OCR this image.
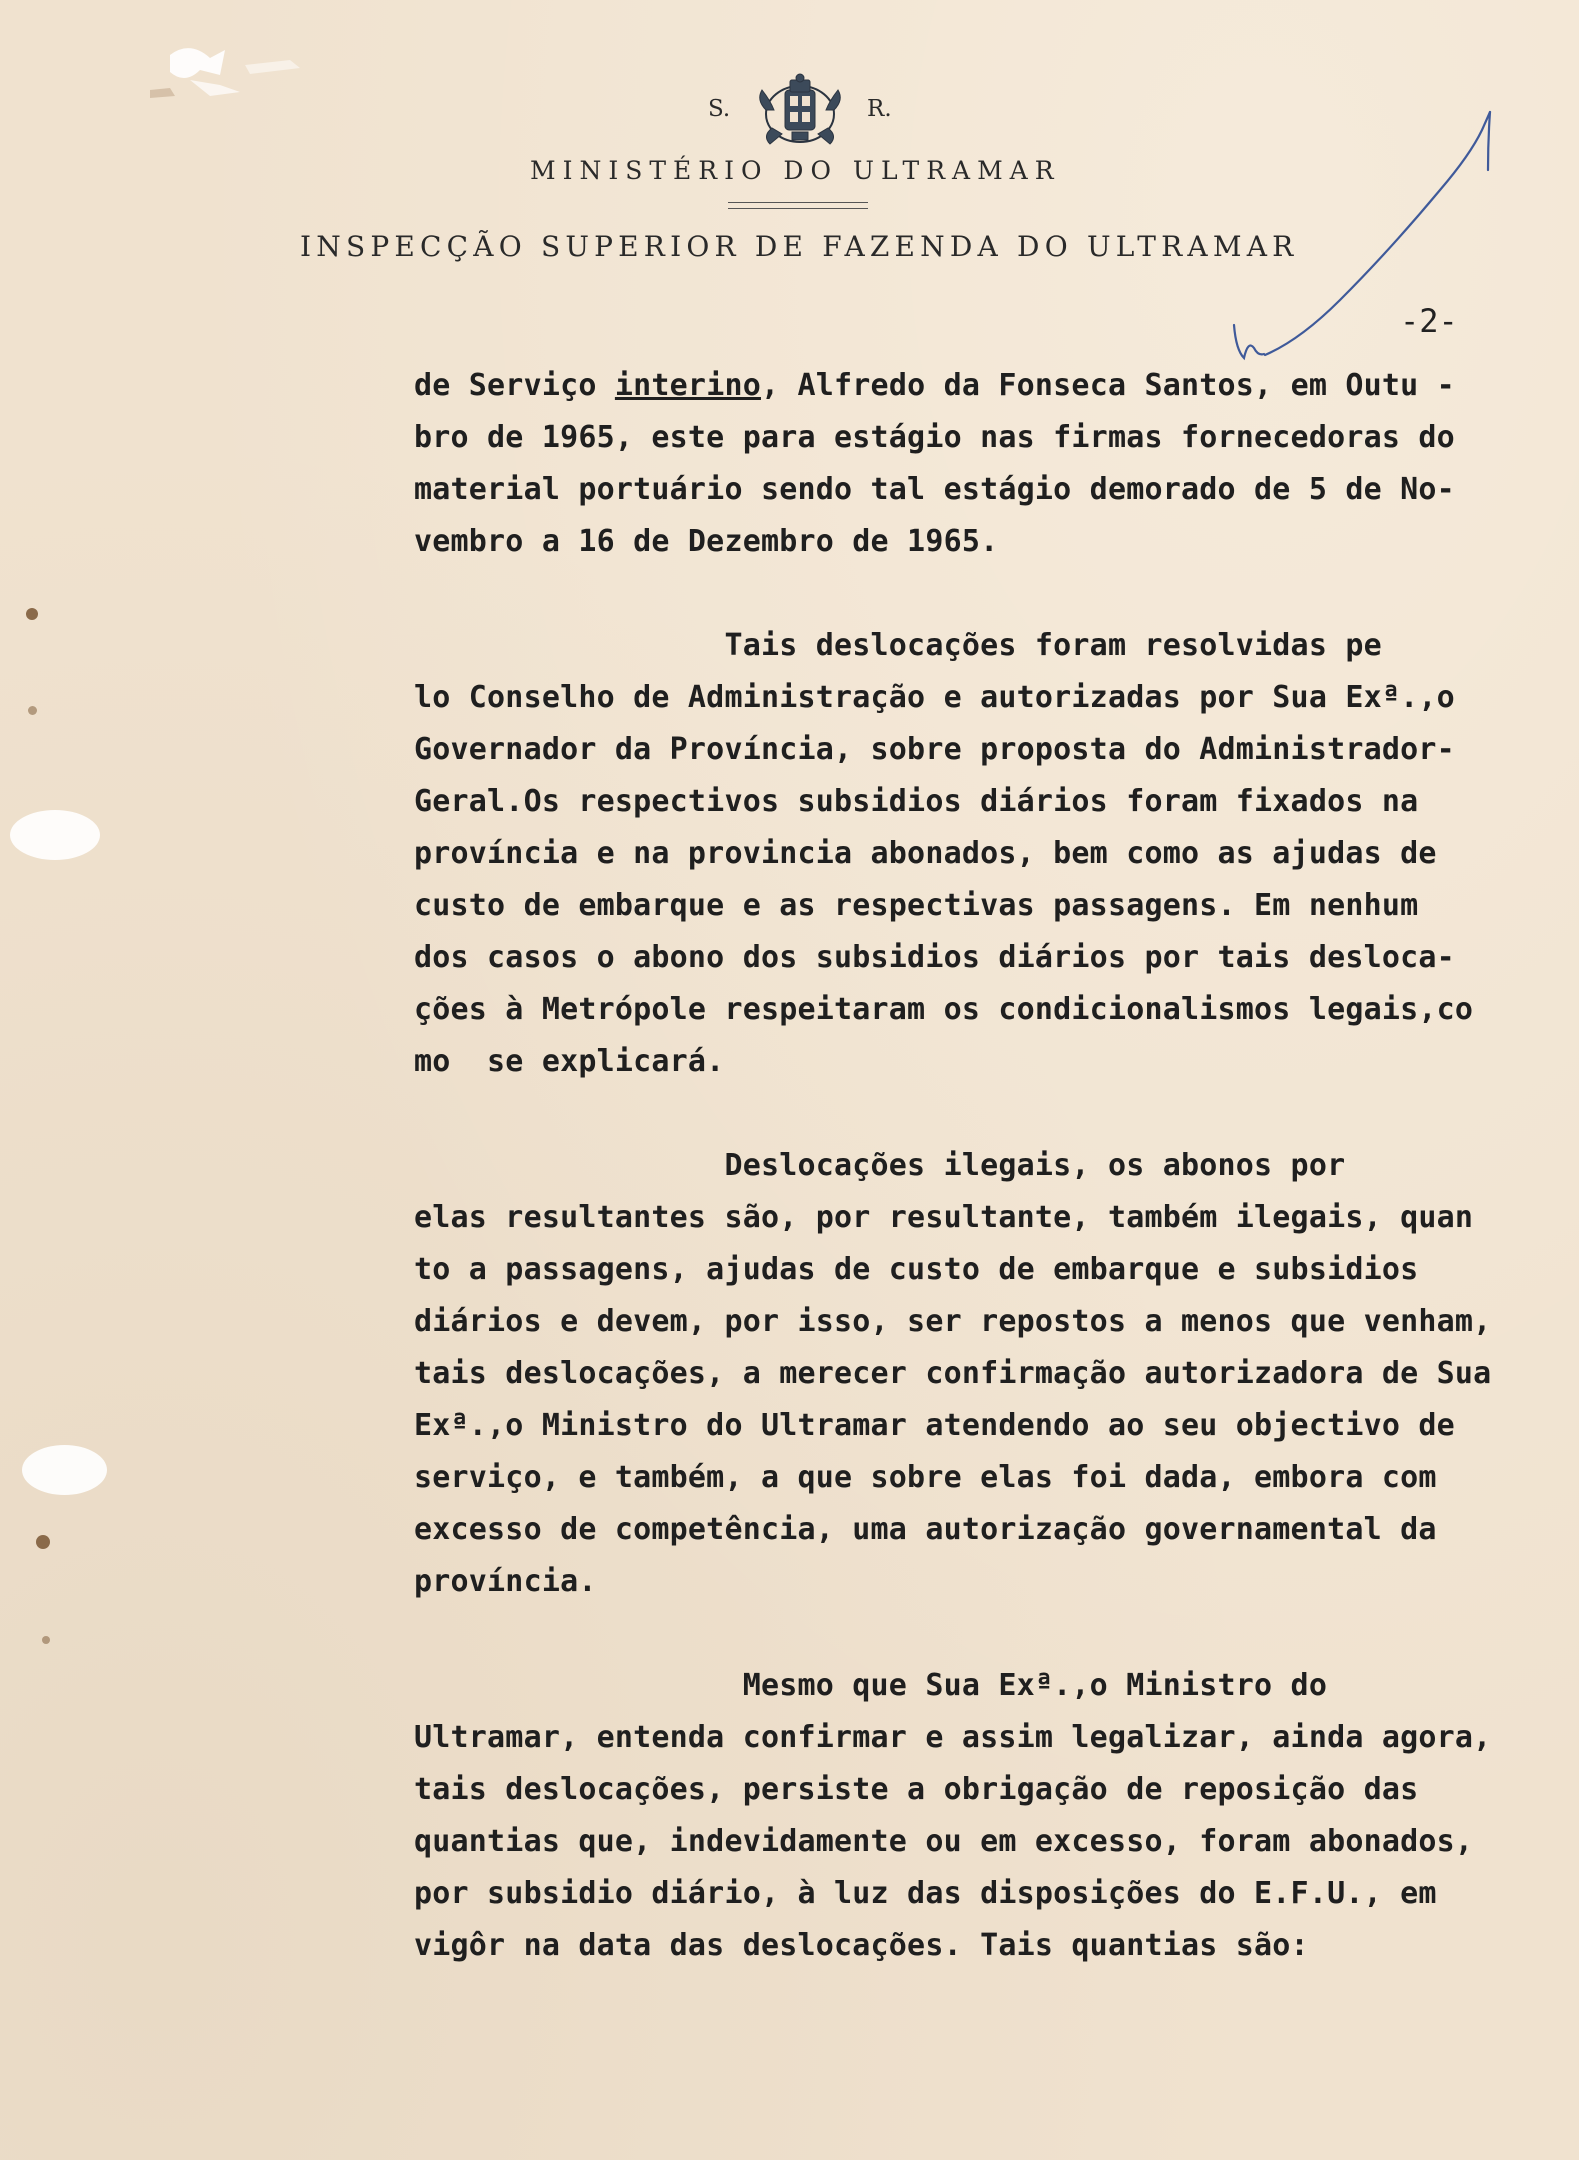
S.	R.
MINISTÉRIO DO ULTRAMAR
INSPECÇÃO SUPERIOR DE FAZENDA DO ULTRAMAR
-2-
de Serviço interino, Alfredo da Fonseca Santos, em Outu -
bro de 1965, este para estágio nas firmas fornecedoras do
material portuário sendo tal estágio demorado de 5 de No-
vembro a 16 de Dezembro de 1965.
Tais deslocações foram resolvidas pe
lo Conselho de Administração e autorizadas por Sua Exª.,o
Governador da Província, sobre proposta do Administrador-
Geral.Os respectivos subsidios diários foram fixados na
província e na provincia abonados, bem como as ajudas de
custo de embarque e as respectivas passagens. Em nenhum
dos casos o abono dos subsidios diários por tais desloca-
ções à Metrópole respeitaram os condicionalismos legais,co
mo  se explicará.
Deslocações ilegais, os abonos por
elas resultantes são, por resultante, também ilegais, quan
to a passagens, ajudas de custo de embarque e subsidios
diários e devem, por isso, ser repostos a menos que venham,
tais deslocações, a merecer confirmação autorizadora de Sua
Exª.,o Ministro do Ultramar atendendo ao seu objectivo de
serviço, e também, a que sobre elas foi dada, embora com
excesso de competência, uma autorização governamental da
província.
Mesmo que Sua Exª.,o Ministro do
Ultramar, entenda confirmar e assim legalizar, ainda agora,
tais deslocações, persiste a obrigação de reposição das
quantias que, indevidamente ou em excesso, foram abonados,
por subsidio diário, à luz das disposições do E.F.U., em
vigôr na data das deslocações. Tais quantias são:
